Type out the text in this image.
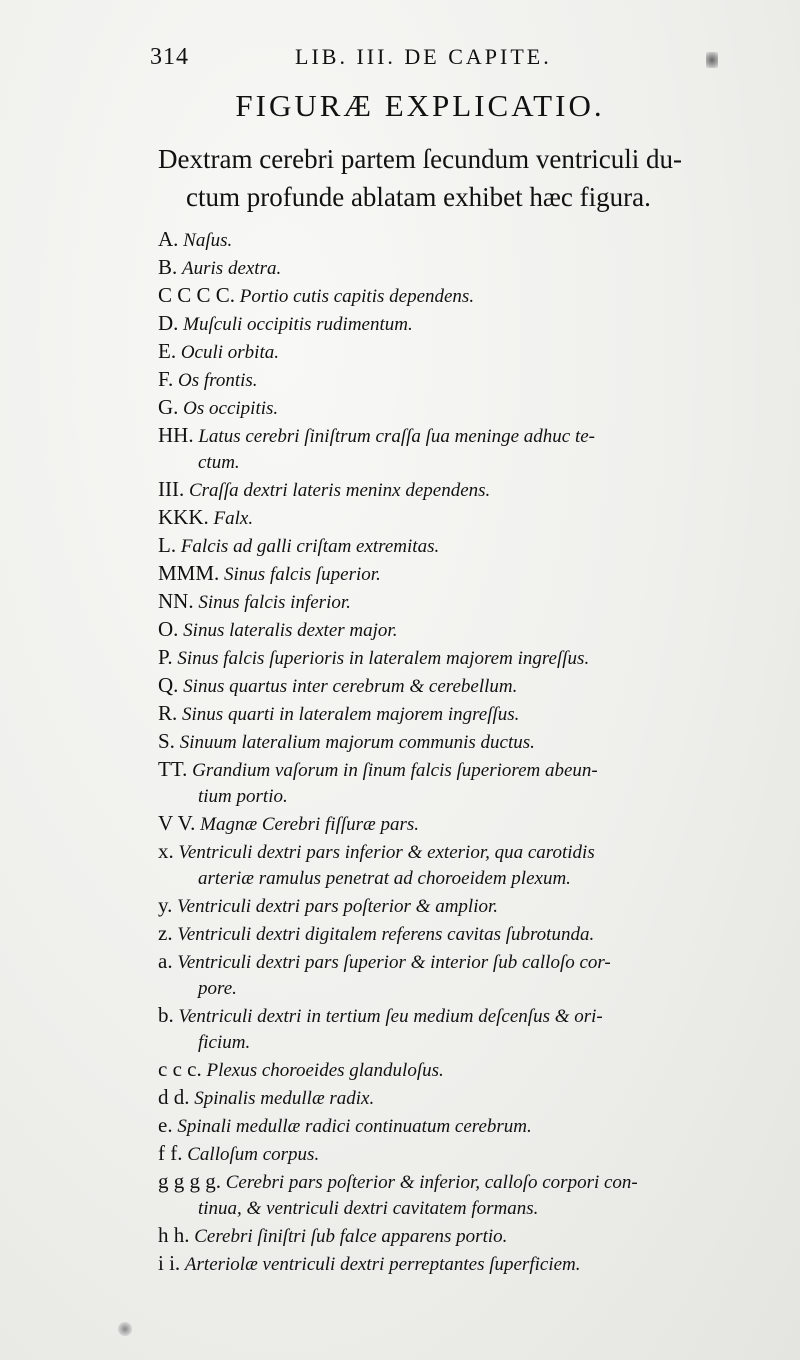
314	LIB. III. DE CAPITE.
FIGURÆ EXPLICATIO.
Dextram cerebri partem ſecundum ventriculi du-
ctum profunde ablatam exhibet hæc figura.
A. Naſus.
B. Auris dextra.
C C C C. Portio cutis capitis dependens.
D. Muſculi occipitis rudimentum.
E. Oculi orbita.
F. Os frontis.
G. Os occipitis.
HH. Latus cerebri ſiniſtrum craſſa ſua meninge adhuc te-
ctum.
III. Craſſa dextri lateris meninx dependens.
KKK. Falx.
L. Falcis ad galli criſtam extremitas.
MMM. Sinus falcis ſuperior.
NN. Sinus falcis inferior.
O. Sinus lateralis dexter major.
P. Sinus falcis ſuperioris in lateralem majorem ingreſſus.
Q. Sinus quartus inter cerebrum & cerebellum.
R. Sinus quarti in lateralem majorem ingreſſus.
S. Sinuum lateralium majorum communis ductus.
TT. Grandium vaſorum in ſinum falcis ſuperiorem abeun-
tium portio.
V V. Magnæ Cerebri fiſſuræ pars.
x. Ventriculi dextri pars inferior & exterior, qua carotidis
arteriæ ramulus penetrat ad choroeidem plexum.
y. Ventriculi dextri pars poſterior & amplior.
z. Ventriculi dextri digitalem referens cavitas ſubrotunda.
a. Ventriculi dextri pars ſuperior & interior ſub calloſo cor-
pore.
b. Ventriculi dextri in tertium ſeu medium deſcenſus & ori-
ficium.
c c c. Plexus choroeides glanduloſus.
d d. Spinalis medullæ radix.
e. Spinali medullæ radici continuatum cerebrum.
f f. Calloſum corpus.
g g g g. Cerebri pars poſterior & inferior, calloſo corpori con-
tinua, & ventriculi dextri cavitatem formans.
h h. Cerebri ſiniſtri ſub falce apparens portio.
i i. Arteriolæ ventriculi dextri perreptantes ſuperficiem.
